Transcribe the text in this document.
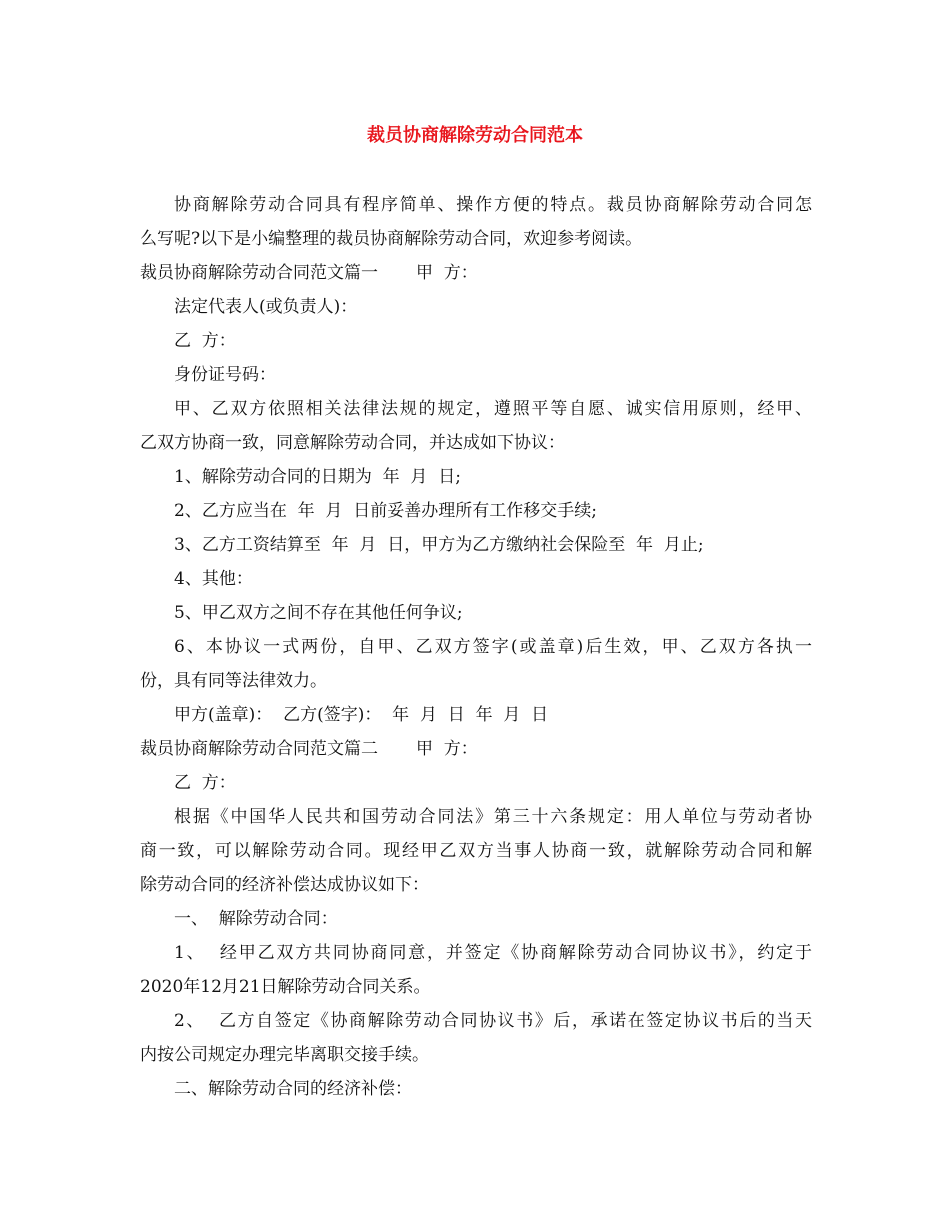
裁员协商解除劳动合同范本
协商解除劳动合同具有程序简单、操作方便的特点。裁员协商解除劳动合同怎
么写呢?以下是小编整理的裁员协商解除劳动合同，欢迎参考阅读。
裁员协商解除劳动合同范文篇一 甲  方：
法定代表人(或负责人)：
乙  方：
身份证号码：
甲、乙双方依照相关法律法规的规定，遵照平等自愿、诚实信用原则，经甲、
乙双方协商一致，同意解除劳动合同，并达成如下协议：
1、解除劳动合同的日期为  年  月  日;
2、乙方应当在  年  月  日前妥善办理所有工作移交手续;
3、乙方工资结算至  年  月  日，甲方为乙方缴纳社会保险至  年  月止;
4、其他：
5、甲乙双方之间不存在其他任何争议;
6、本协议一式两份，自甲、乙双方签字(或盖章)后生效，甲、乙双方各执一
份，具有同等法律效力。
甲方(盖章)：  乙方(签字)：  年  月  日  年  月  日
裁员协商解除劳动合同范文篇二 甲  方：
乙  方：
根据《中国华人民共和国劳动合同法》第三十六条规定：用人单位与劳动者协
商一致，可以解除劳动合同。现经甲乙双方当事人协商一致，就解除劳动合同和解
除劳动合同的经济补偿达成协议如下：
一、  解除劳动合同：
1、  经甲乙双方共同协商同意，并签定《协商解除劳动合同协议书》，约定于
2020年12月21日解除劳动合同关系。
2、  乙方自签定《协商解除劳动合同协议书》后，承诺在签定协议书后的当天
内按公司规定办理完毕离职交接手续。
二、解除劳动合同的经济补偿：
